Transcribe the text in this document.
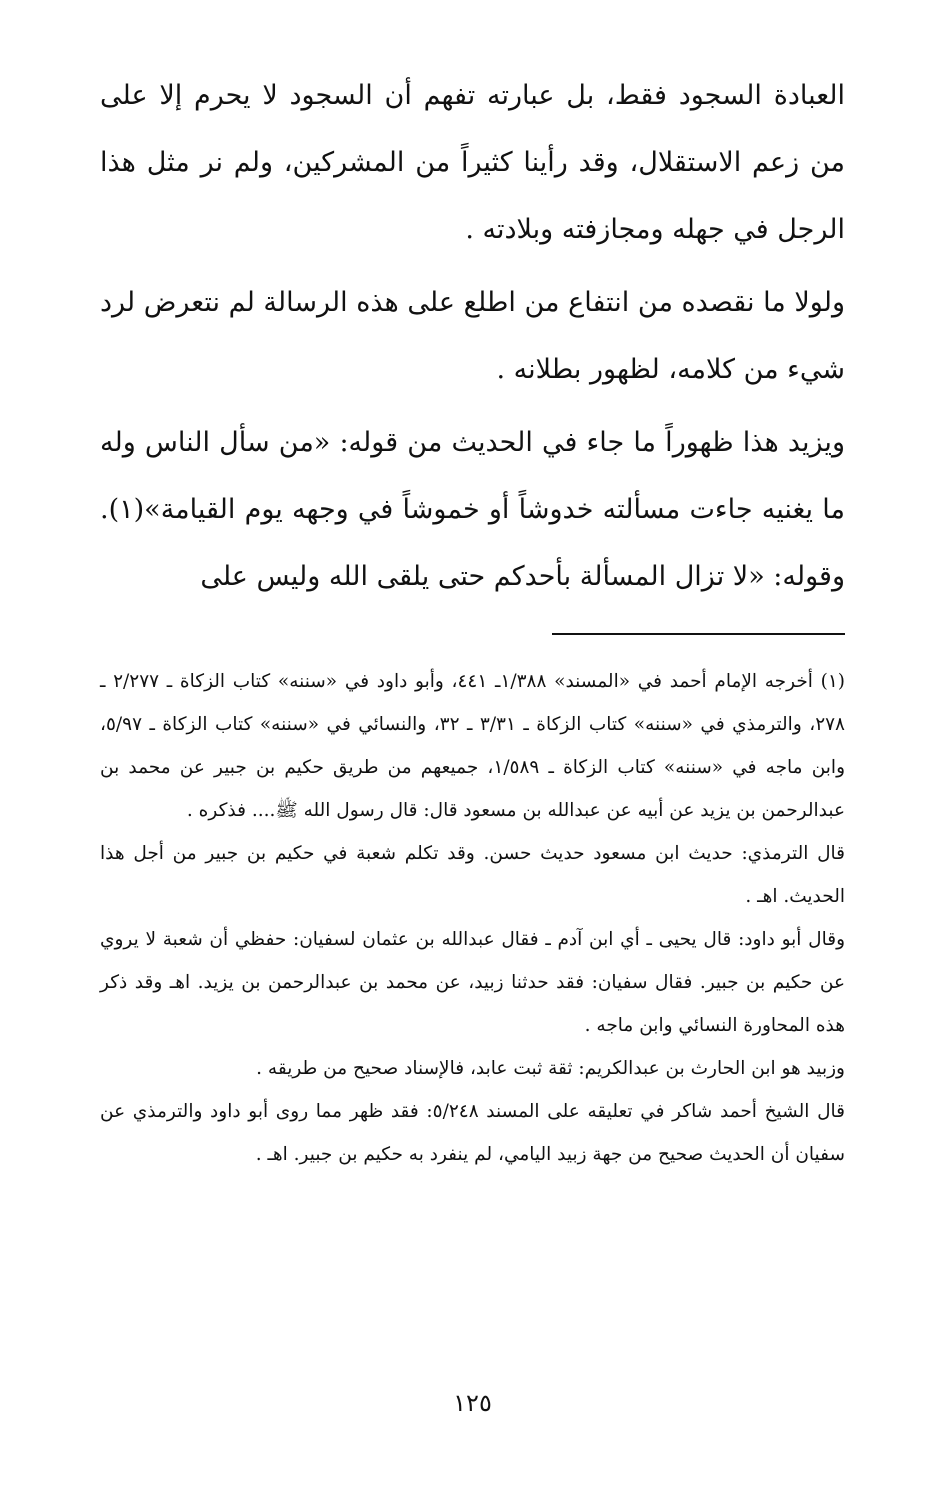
العبادة السجود فقط، بل عبارته تفهم أن السجود لا يحرم إلا على من زعم الاستقلال، وقد رأينا كثيراً من المشركين، ولم نر مثل هذا الرجل في جهله ومجازفته وبلادته .

ولولا ما نقصده من انتفاع من اطلع على هذه الرسالة لم نتعرض لرد شيء من كلامه، لظهور بطلانه .

ويزيد هذا ظهوراً ما جاء في الحديث من قوله: «من سأل الناس وله ما يغنيه جاءت مسألته خدوشاً أو خموشاً في وجهه يوم القيامة»(١). وقوله: «لا تزال المسألة بأحدكم حتى يلقى الله وليس على

(١) أخرجه الإمام أحمد في «المسند» ١/٣٨٨ـ ٤٤١، وأبو داود في «سننه» كتاب الزكاة ـ ٢/٢٧٧ ـ ٢٧٨، والترمذي في «سننه» كتاب الزكاة ـ ٣/٣١ ـ ٣٢، والنسائي في «سننه» كتاب الزكاة ـ ٥/٩٧، وابن ماجه في «سننه» كتاب الزكاة ـ ١/٥٨٩، جميعهم من طريق حكيم بن جبير عن محمد بن عبدالرحمن بن يزيد عن أبيه عن عبدالله بن مسعود قال: قال رسول الله ﷺ.... فذكره .

قال الترمذي: حديث ابن مسعود حديث حسن. وقد تكلم شعبة في حكيم بن جبير من أجل هذا الحديث. اهـ .

وقال أبو داود: قال يحيى ـ أي ابن آدم ـ فقال عبدالله بن عثمان لسفيان: حفظي أن شعبة لا يروي عن حكيم بن جبير. فقال سفيان: فقد حدثنا زبيد، عن محمد بن عبدالرحمن بن يزيد. اهـ وقد ذكر هذه المحاورة النسائي وابن ماجه .

وزبيد هو ابن الحارث بن عبدالكريم: ثقة ثبت عابد، فالإسناد صحيح من طريقه .

قال الشيخ أحمد شاكر في تعليقه على المسند ٥/٢٤٨: فقد ظهر مما روى أبو داود والترمذي عن سفيان أن الحديث صحيح من جهة زبيد اليامي، لم ينفرد به حكيم بن جبير. اهـ .

١٢٥
